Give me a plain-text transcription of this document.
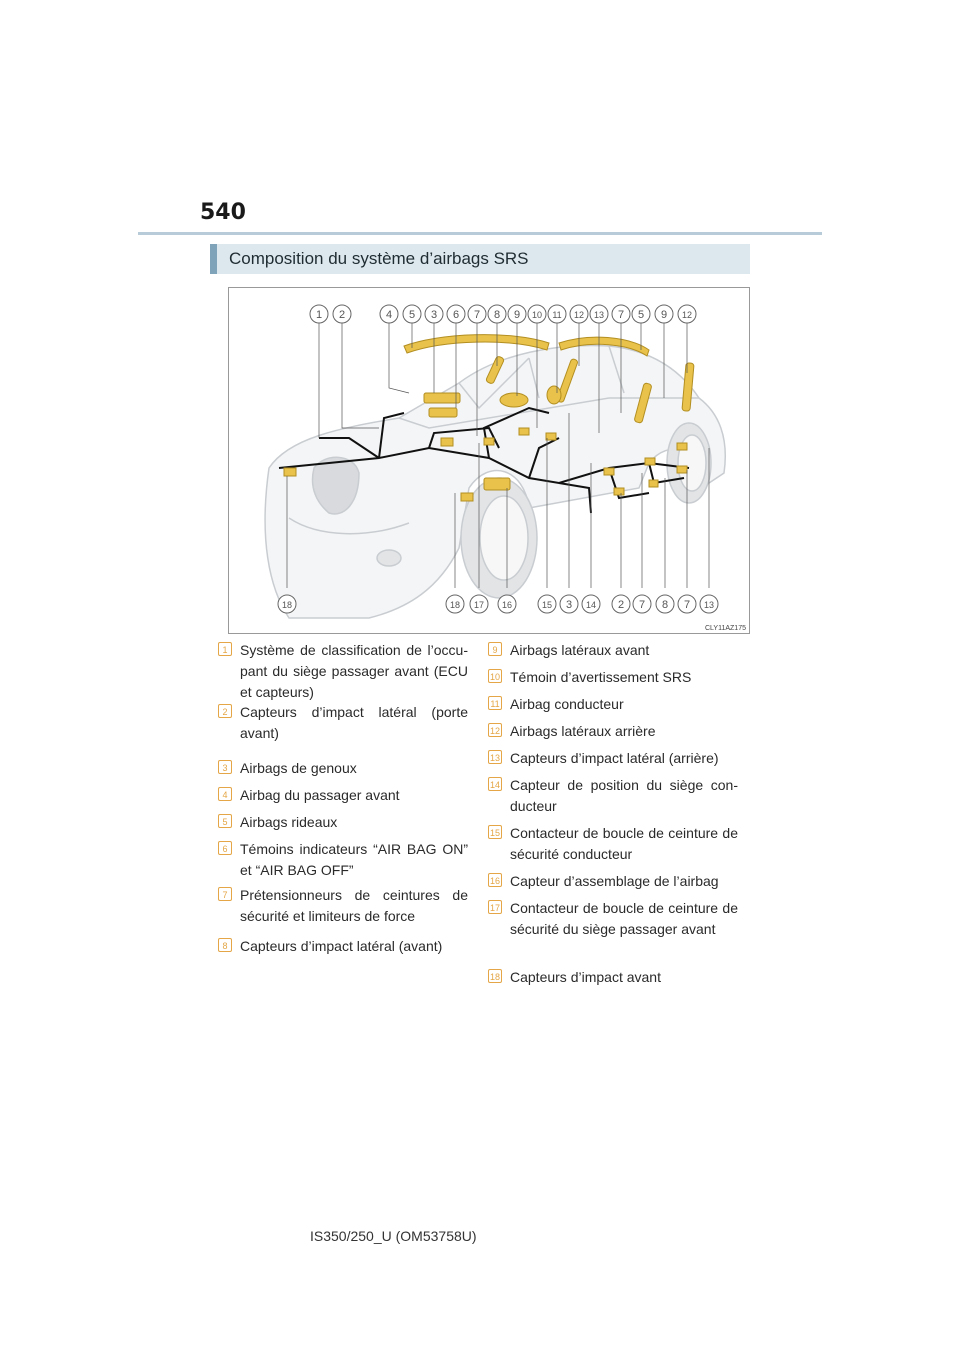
540
Composition du système d’airbags SRS
1 2	4 5 3 6 7 8 9 10 11 12 13 7 5 9 12
18	18 17 16	15 3 14 2 7 8 7 13
CLY11AZ175
1 Système de classification de l’occu-pant du siège passager avant (ECU et capteurs)
2 Capteurs d’impact latéral (porte avant)
3 Airbags de genoux
4 Airbag du passager avant
5 Airbags rideaux
6 Témoins indicateurs “AIR BAG ON” et “AIR BAG OFF”
7 Prétensionneurs de ceintures de sécurité et limiteurs de force
8 Capteurs d’impact latéral (avant)
9 Airbags latéraux avant
10 Témoin d’avertissement SRS
11 Airbag conducteur
12 Airbags latéraux arrière
13 Capteurs d’impact latéral (arrière)
14 Capteur de position du siège con-ducteur
15 Contacteur de boucle de ceinture de sécurité conducteur
16 Capteur d’assemblage de l’airbag
17 Contacteur de boucle de ceinture de sécurité du siège passager avant
18 Capteurs d’impact avant
IS350/250_U (OM53758U)
